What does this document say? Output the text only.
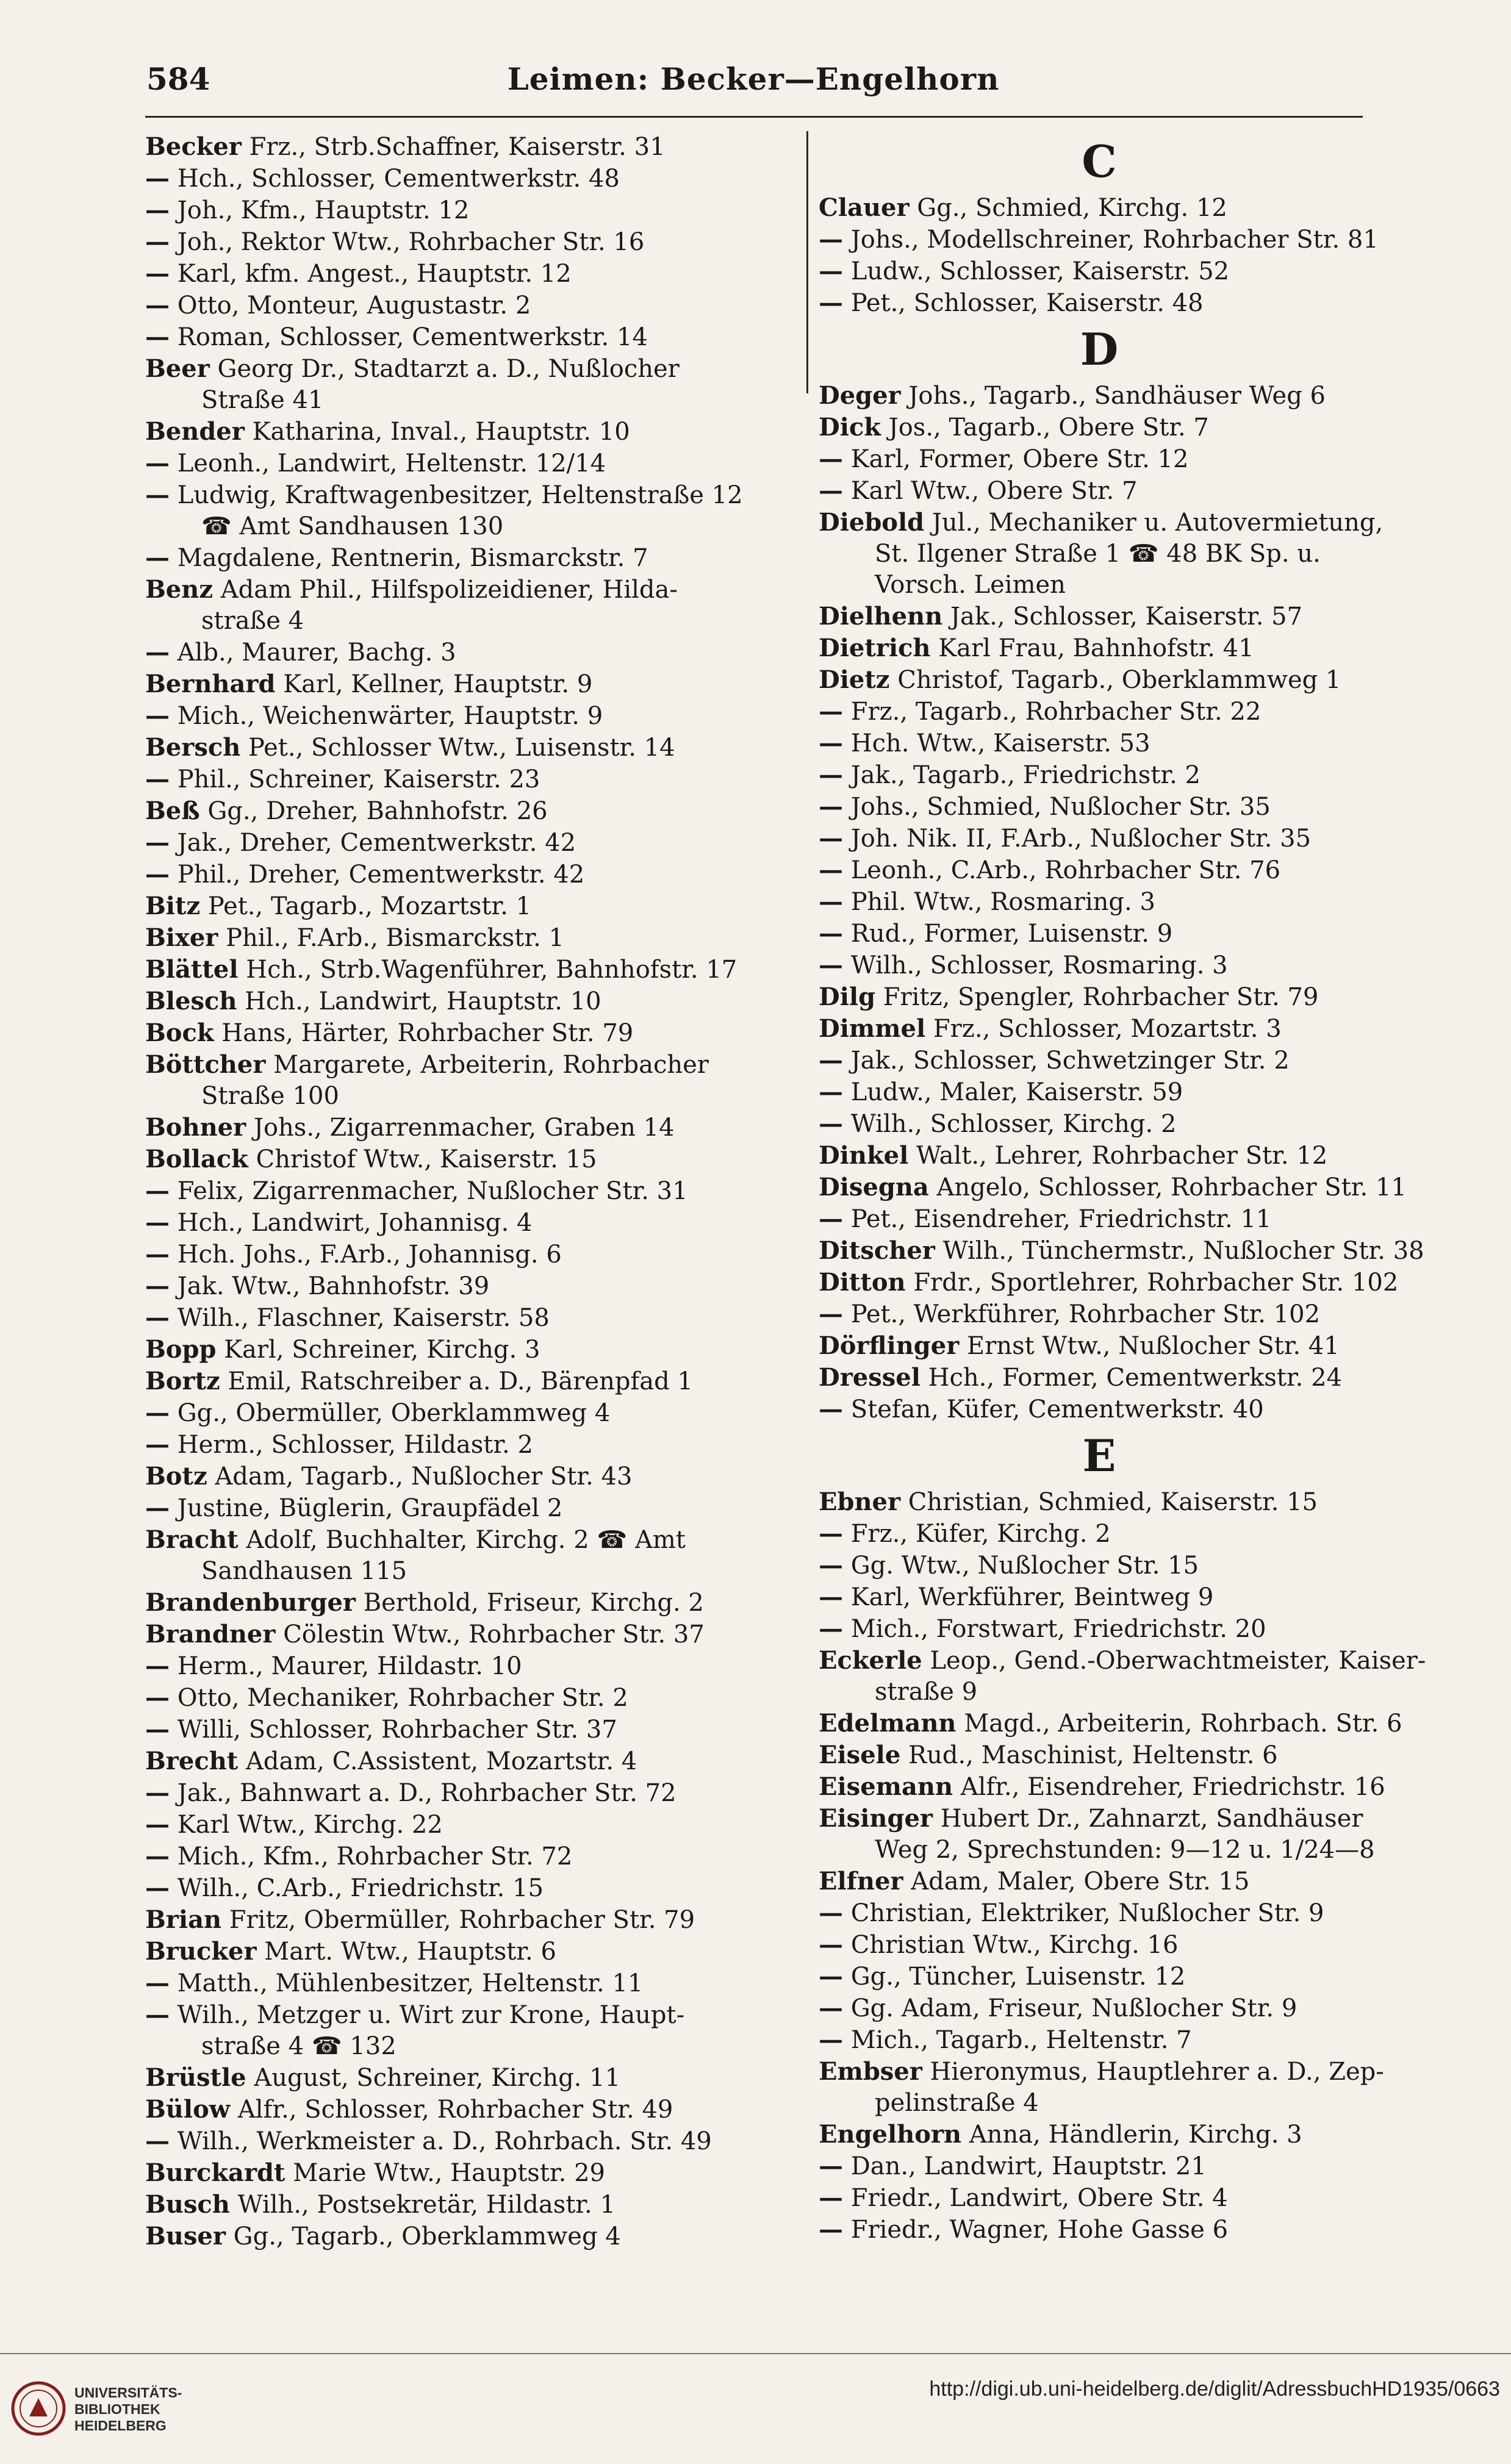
584	Leimen: Becker—Engelhorn
Becker Frz., Strb.Schaffner, Kaiserstr. 31
— Hch., Schlosser, Cementwerkstr. 48
— Joh., Kfm., Hauptstr. 12
— Joh., Rektor Wtw., Rohrbacher Str. 16
— Karl, kfm. Angest., Hauptstr. 12
— Otto, Monteur, Augustastr. 2
— Roman, Schlosser, Cementwerkstr. 14
Beer Georg Dr., Stadtarzt a. D., Nußlocher
Straße 41
Bender Katharina, Inval., Hauptstr. 10
— Leonh., Landwirt, Heltenstr. 12/14
— Ludwig, Kraftwagenbesitzer, Heltenstraße 12
☎ Amt Sandhausen 130
— Magdalene, Rentnerin, Bismarckstr. 7
Benz Adam Phil., Hilfspolizeidiener, Hilda-
straße 4
— Alb., Maurer, Bachg. 3
Bernhard Karl, Kellner, Hauptstr. 9
— Mich., Weichenwärter, Hauptstr. 9
Bersch Pet., Schlosser Wtw., Luisenstr. 14
— Phil., Schreiner, Kaiserstr. 23
Beß Gg., Dreher, Bahnhofstr. 26
— Jak., Dreher, Cementwerkstr. 42
— Phil., Dreher, Cementwerkstr. 42
Bitz Pet., Tagarb., Mozartstr. 1
Bixer Phil., F.Arb., Bismarckstr. 1
Blättel Hch., Strb.Wagenführer, Bahnhofstr. 17
Blesch Hch., Landwirt, Hauptstr. 10
Bock Hans, Härter, Rohrbacher Str. 79
Böttcher Margarete, Arbeiterin, Rohrbacher
Straße 100
Bohner Johs., Zigarrenmacher, Graben 14
Bollack Christof Wtw., Kaiserstr. 15
— Felix, Zigarrenmacher, Nußlocher Str. 31
— Hch., Landwirt, Johannisg. 4
— Hch. Johs., F.Arb., Johannisg. 6
— Jak. Wtw., Bahnhofstr. 39
— Wilh., Flaschner, Kaiserstr. 58
Bopp Karl, Schreiner, Kirchg. 3
Bortz Emil, Ratschreiber a. D., Bärenpfad 1
— Gg., Obermüller, Oberklammweg 4
— Herm., Schlosser, Hildastr. 2
Botz Adam, Tagarb., Nußlocher Str. 43
— Justine, Büglerin, Graupfädel 2
Bracht Adolf, Buchhalter, Kirchg. 2 ☎ Amt
Sandhausen 115
Brandenburger Berthold, Friseur, Kirchg. 2
Brandner Cölestin Wtw., Rohrbacher Str. 37
— Herm., Maurer, Hildastr. 10
— Otto, Mechaniker, Rohrbacher Str. 2
— Willi, Schlosser, Rohrbacher Str. 37
Brecht Adam, C.Assistent, Mozartstr. 4
— Jak., Bahnwart a. D., Rohrbacher Str. 72
— Karl Wtw., Kirchg. 22
— Mich., Kfm., Rohrbacher Str. 72
— Wilh., C.Arb., Friedrichstr. 15
Brian Fritz, Obermüller, Rohrbacher Str. 79
Brucker Mart. Wtw., Hauptstr. 6
— Matth., Mühlenbesitzer, Heltenstr. 11
— Wilh., Metzger u. Wirt zur Krone, Haupt-
straße 4 ☎ 132
Brüstle August, Schreiner, Kirchg. 11
Bülow Alfr., Schlosser, Rohrbacher Str. 49
— Wilh., Werkmeister a. D., Rohrbach. Str. 49
Burckardt Marie Wtw., Hauptstr. 29
Busch Wilh., Postsekretär, Hildastr. 1
Buser Gg., Tagarb., Oberklammweg 4
C
Clauer Gg., Schmied, Kirchg. 12
— Johs., Modellschreiner, Rohrbacher Str. 81
— Ludw., Schlosser, Kaiserstr. 52
— Pet., Schlosser, Kaiserstr. 48
D
Deger Johs., Tagarb., Sandhäuser Weg 6
Dick Jos., Tagarb., Obere Str. 7
— Karl, Former, Obere Str. 12
— Karl Wtw., Obere Str. 7
Diebold Jul., Mechaniker u. Autovermietung,
St. Ilgener Straße 1 ☎ 48 BK Sp. u.
Vorsch. Leimen
Dielhenn Jak., Schlosser, Kaiserstr. 57
Dietrich Karl Frau, Bahnhofstr. 41
Dietz Christof, Tagarb., Oberklammweg 1
— Frz., Tagarb., Rohrbacher Str. 22
— Hch. Wtw., Kaiserstr. 53
— Jak., Tagarb., Friedrichstr. 2
— Johs., Schmied, Nußlocher Str. 35
— Joh. Nik. II, F.Arb., Nußlocher Str. 35
— Leonh., C.Arb., Rohrbacher Str. 76
— Phil. Wtw., Rosmaring. 3
— Rud., Former, Luisenstr. 9
— Wilh., Schlosser, Rosmaring. 3
Dilg Fritz, Spengler, Rohrbacher Str. 79
Dimmel Frz., Schlosser, Mozartstr. 3
— Jak., Schlosser, Schwetzinger Str. 2
— Ludw., Maler, Kaiserstr. 59
— Wilh., Schlosser, Kirchg. 2
Dinkel Walt., Lehrer, Rohrbacher Str. 12
Disegna Angelo, Schlosser, Rohrbacher Str. 11
— Pet., Eisendreher, Friedrichstr. 11
Ditscher Wilh., Tünchermstr., Nußlocher Str. 38
Ditton Frdr., Sportlehrer, Rohrbacher Str. 102
— Pet., Werkführer, Rohrbacher Str. 102
Dörflinger Ernst Wtw., Nußlocher Str. 41
Dressel Hch., Former, Cementwerkstr. 24
— Stefan, Küfer, Cementwerkstr. 40
E
Ebner Christian, Schmied, Kaiserstr. 15
— Frz., Küfer, Kirchg. 2
— Gg. Wtw., Nußlocher Str. 15
— Karl, Werkführer, Beintweg 9
— Mich., Forstwart, Friedrichstr. 20
Eckerle Leop., Gend.-Oberwachtmeister, Kaiser-
straße 9
Edelmann Magd., Arbeiterin, Rohrbach. Str. 6
Eisele Rud., Maschinist, Heltenstr. 6
Eisemann Alfr., Eisendreher, Friedrichstr. 16
Eisinger Hubert Dr., Zahnarzt, Sandhäuser
Weg 2, Sprechstunden: 9—12 u. 1/24—8
Elfner Adam, Maler, Obere Str. 15
— Christian, Elektriker, Nußlocher Str. 9
— Christian Wtw., Kirchg. 16
— Gg., Tüncher, Luisenstr. 12
— Gg. Adam, Friseur, Nußlocher Str. 9
— Mich., Tagarb., Heltenstr. 7
Embser Hieronymus, Hauptlehrer a. D., Zep-
pelinstraße 4
Engelhorn Anna, Händlerin, Kirchg. 3
— Dan., Landwirt, Hauptstr. 21
— Friedr., Landwirt, Obere Str. 4
— Friedr., Wagner, Hohe Gasse 6
UNIVERSITÄTS-
BIBLIOTHEK
HEIDELBERG
http://digi.ub.uni-heidelberg.de/diglit/AdressbuchHD1935/0663
